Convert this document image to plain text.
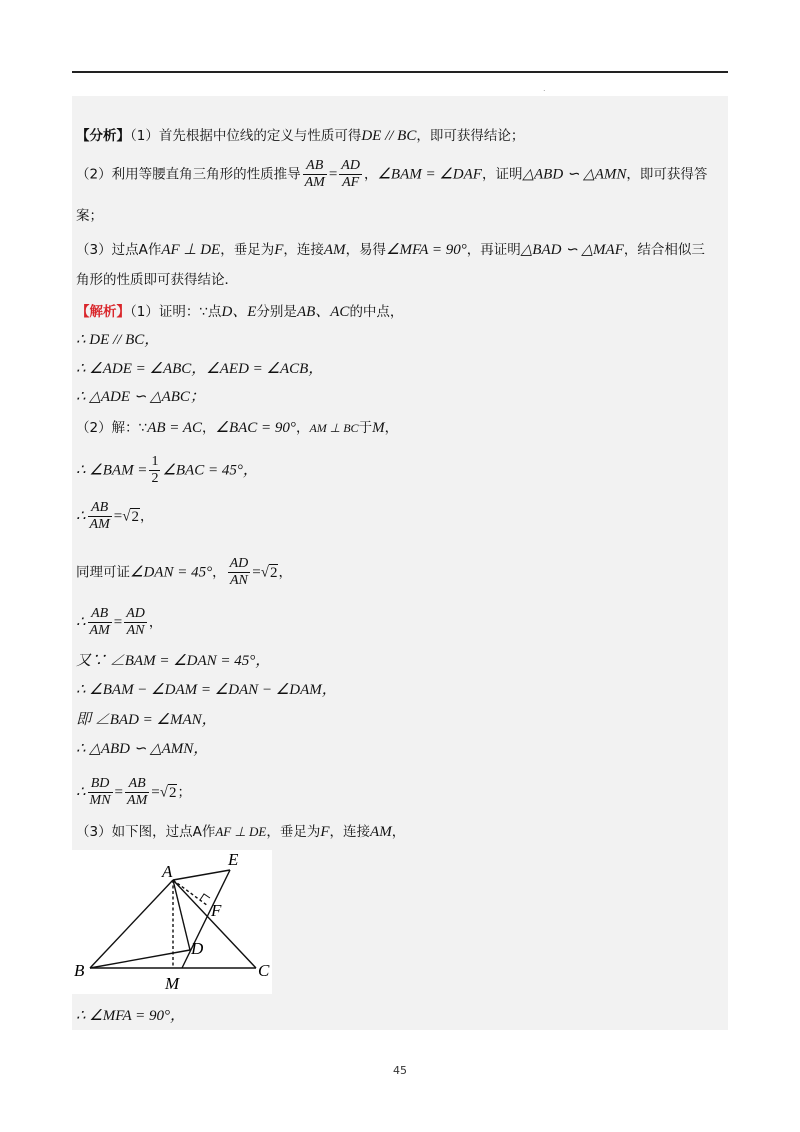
.
【分析】（1）首先根据中位线的定义与性质可得DE // BC，即可获得结论；
（2）利用等腰直角三角形的性质推导 $\frac{AB}{AM} = \frac{AD}{AF}$ ，∠BAM = ∠DAF，证明△ABD ∽ △AMN，即可获得答
案；
（3）过点A作AF ⊥ DE，垂足为F，连接AM，易得∠MFA = 90°，再证明△BAD ∽ △MAF，结合相似三
角形的性质即可获得结论．
【解析】（1）证明：∵点D、E分别是AB、AC的中点，
∴ DE // BC，
∴ ∠ADE = ∠ABC，∠AED = ∠ACB，
∴ △ADE ∽ △ABC；
（2）解：∵AB = AC，∠BAC = 90°，AM ⊥ BC于M，
∴ ∠BAM = $\frac{1}{2}$ ∠BAC = 45°，
∴ $\frac{AB}{AM} =√2$，
同理可证∠DAN = 45°， $\frac{AD}{AN} =√2$，
∴ $\frac{AB}{AM} = \frac{AD}{AN}$ ，
又∵ ∠BAM = ∠DAN = 45°，
∴ ∠BAM − ∠DAM = ∠DAN − ∠DAM，
即 ∠BAD = ∠MAN，
∴ △ABD ∽ △AMN，
∴ $\frac{BD}{MN} = \frac{AB}{AM} =√2$；
（3）如下图，过点A作AF ⊥ DE，垂足为F，连接AM，
A
B	C
D
E
F
M
∴ ∠MFA = 90°，
45
